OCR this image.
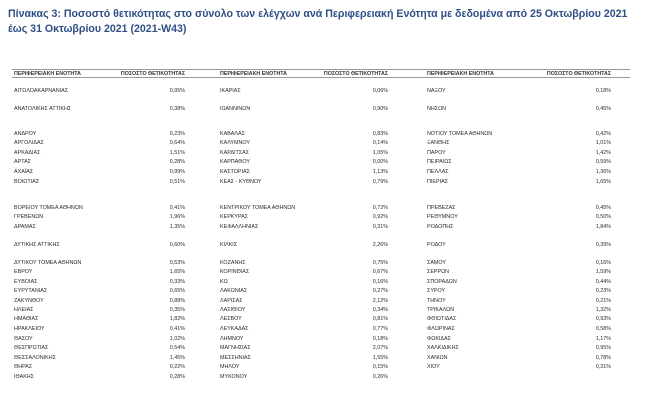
Πίνακας 3: Ποσοστό θετικότητας στο σύνολο των ελέγχων ανά Περιφερειακή Ενότητα με δεδομένα από 25 Οκτωβρίου 2021 έως 31 Οκτωβρίου 2021 (2021-W43)
ΠΕΡΙΦΕΡΕΙΑΚΗ ΕΝΟΤΗΤΑ	ΠΟΣΟΣΤΟ ΘΕΤΙΚΟΤΗΤΑΣ
ΑΙΤΩΛΟΑΚΑΡΝΑΝΙΑΣ	0,95%
ΑΝΑΤΟΛΙΚΗΣ ΑΤΤΙΚΗΣ	0,38%
ΑΝΔΡΟΥ	0,23%
ΑΡΓΟΛΙΔΑΣ	0,64%
ΑΡΚΑΔΙΑΣ	1,51%
ΑΡΤΑΣ	0,28%
ΑΧΑΪΑΣ	0,99%
ΒΟΙΩΤΙΑΣ	0,51%
ΒΟΡΕΙΟΥ ΤΟΜΕΑ ΑΘΗΝΩΝ	0,41%
ΓΡΕΒΕΝΩΝ	1,96%
ΔΡΑΜΑΣ	1,35%
ΔΥΤΙΚΗΣ ΑΤΤΙΚΗΣ	0,60%
ΔΥΤΙΚΟΥ ΤΟΜΕΑ ΑΘΗΝΩΝ	0,53%
ΕΒΡΟΥ	1,65%
ΕΥΒΟΙΑΣ	0,33%
ΕΥΡΥΤΑΝΙΑΣ	0,65%
ΖΑΚΥΝΘΟΥ	0,88%
ΗΛΕΙΑΣ	0,35%
ΗΜΑΘΙΑΣ	1,82%
ΗΡΑΚΛΕΙΟΥ	0,41%
ΘΑΣΟΥ	1,02%
ΘΕΣΠΡΩΤΙΑΣ	0,54%
ΘΕΣΣΑΛΟΝΙΚΗΣ	1,45%
ΘΗΡΑΣ	0,22%
ΙΘΑΚΗΣ	0,28%
ΠΕΡΙΦΕΡΕΙΑΚΗ ΕΝΟΤΗΤΑ	ΠΟΣΟΣΤΟ ΘΕΤΙΚΟΤΗΤΑΣ
ΙΚΑΡΙΑΣ	0,06%
ΙΩΑΝΝΙΝΩΝ	0,90%
ΚΑΒΑΛΑΣ	0,83%
ΚΑΛΥΜΝΟΥ	0,14%
ΚΑΡΔΙΤΣΑΣ	1,05%
ΚΑΡΠΑΘΟΥ	0,00%
ΚΑΣΤΟΡΙΑΣ	1,13%
ΚΕΑΣ - ΚΥΘΝΟΥ	0,79%
ΚΕΝΤΡΙΚΟΥ ΤΟΜΕΑ ΑΘΗΝΩΝ	0,72%
ΚΕΡΚΥΡΑΣ	0,92%
ΚΕΦΑΛΛΗΝΙΑΣ	0,31%
ΚΙΛΚΙΣ	2,26%
ΚΟΖΑΝΗΣ	0,75%
ΚΟΡΙΝΘΙΑΣ	0,67%
ΚΩ	0,16%
ΛΑΚΩΝΙΑΣ	0,27%
ΛΑΡΙΣΑΣ	2,12%
ΛΑΣΙΘΙΟΥ	0,34%
ΛΕΣΒΟΥ	0,81%
ΛΕΥΚΑΔΑΣ	0,77%
ΛΗΜΝΟΥ	0,18%
ΜΑΓΝΗΣΙΑΣ	2,07%
ΜΕΣΣΗΝΙΑΣ	1,55%
ΜΗΛΟΥ	0,15%
ΜΥΚΟΝΟΥ	0,26%
ΠΕΡΙΦΕΡΕΙΑΚΗ ΕΝΟΤΗΤΑ	ΠΟΣΟΣΤΟ ΘΕΤΙΚΟΤΗΤΑΣ
ΝΑΞΟΥ	0,18%
ΝΗΣΩΝ	0,45%
ΝΟΤΙΟΥ ΤΟΜΕΑ ΑΘΗΝΩΝ	0,42%
ΞΑΝΘΗΣ	1,01%
ΠΑΡΟΥ	1,42%
ΠΕΙΡΑΙΩΣ	0,59%
ΠΕΛΛΑΣ	1,36%
ΠΙΕΡΙΑΣ	1,65%
ΠΡΕΒΕΖΑΣ	0,45%
ΡΕΘΥΜΝΟΥ	0,50%
ΡΟΔΟΠΗΣ	1,84%
ΡΟΔΟΥ	0,39%
ΣΑΜΟΥ	0,16%
ΣΕΡΡΩΝ	1,59%
ΣΠΟΡΑΔΩΝ	0,44%
ΣΥΡΟΥ	0,23%
ΤΗΝΟΥ	0,21%
ΤΡΙΚΑΛΩΝ	1,32%
ΦΘΙΩΤΙΔΑΣ	0,93%
ΦΛΩΡΙΝΑΣ	0,58%
ΦΩΚΙΔΑΣ	1,17%
ΧΑΛΚΙΔΙΚΗΣ	0,95%
ΧΑΝΙΩΝ	0,78%
ΧΙΟΥ	0,31%
